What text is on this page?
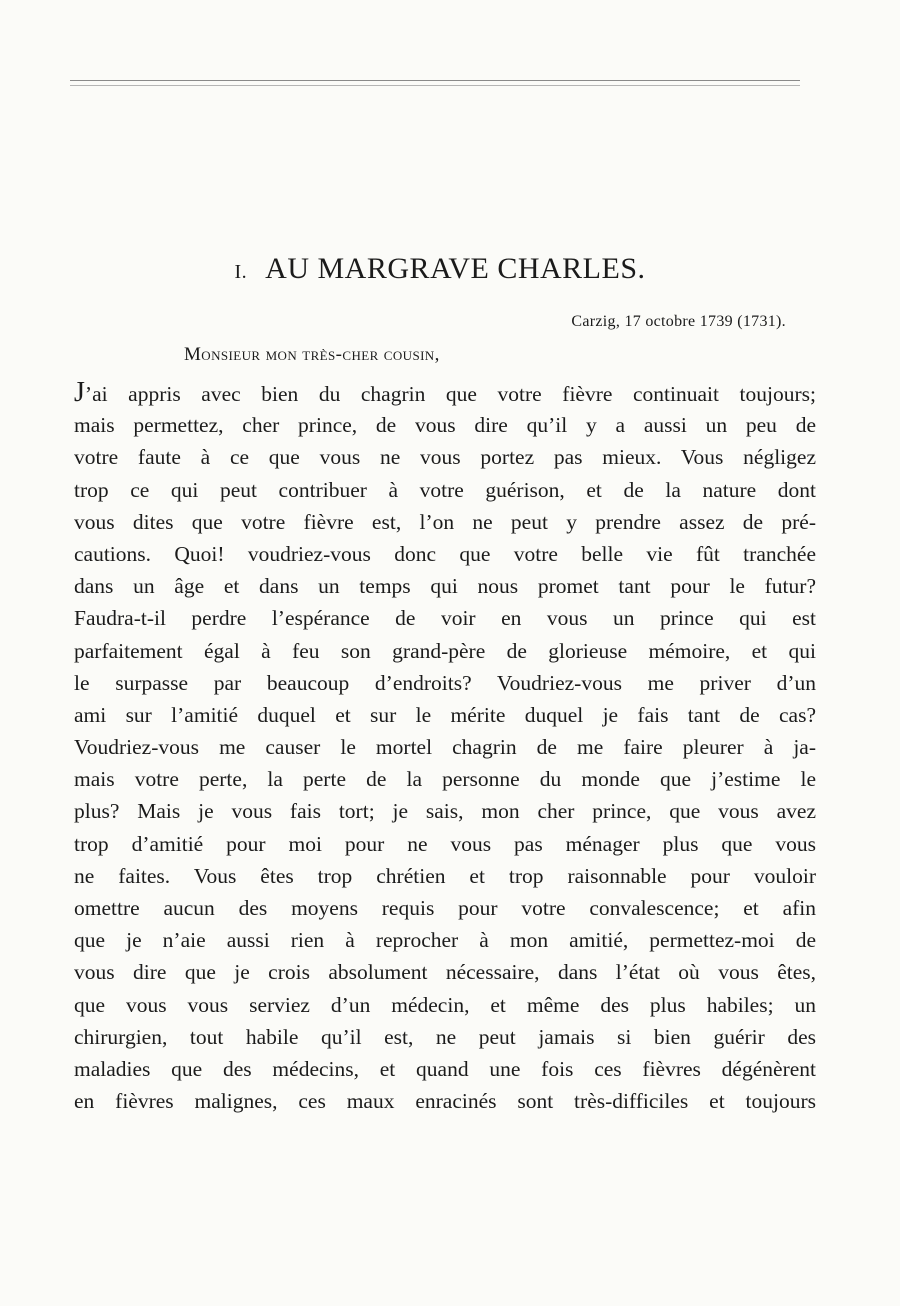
I. AU MARGRAVE CHARLES.
Carzig, 17 octobre 1739 (1731).
Monsieur mon très-cher cousin,
J’ai appris avec bien du chagrin que votre fièvre continuait toujours;
mais permettez, cher prince, de vous dire qu’il y a aussi un peu de
votre faute à ce que vous ne vous portez pas mieux. Vous négligez
trop ce qui peut contribuer à votre guérison, et de la nature dont
vous dites que votre fièvre est, l’on ne peut y prendre assez de pré-
cautions. Quoi! voudriez-vous donc que votre belle vie fût tranchée
dans un âge et dans un temps qui nous promet tant pour le futur?
Faudra-t-il perdre l’espérance de voir en vous un prince qui est
parfaitement égal à feu son grand-père de glorieuse mémoire, et qui
le surpasse par beaucoup d’endroits? Voudriez-vous me priver d’un
ami sur l’amitié duquel et sur le mérite duquel je fais tant de cas?
Voudriez-vous me causer le mortel chagrin de me faire pleurer à ja-
mais votre perte, la perte de la personne du monde que j’estime le
plus? Mais je vous fais tort; je sais, mon cher prince, que vous avez
trop d’amitié pour moi pour ne vous pas ménager plus que vous
ne faites. Vous êtes trop chrétien et trop raisonnable pour vouloir
omettre aucun des moyens requis pour votre convalescence; et afin
que je n’aie aussi rien à reprocher à mon amitié, permettez-moi de
vous dire que je crois absolument nécessaire, dans l’état où vous êtes,
que vous vous serviez d’un médecin, et même des plus habiles; un
chirurgien, tout habile qu’il est, ne peut jamais si bien guérir des
maladies que des médecins, et quand une fois ces fièvres dégénèrent
en fièvres malignes, ces maux enracinés sont très-difficiles et toujours
